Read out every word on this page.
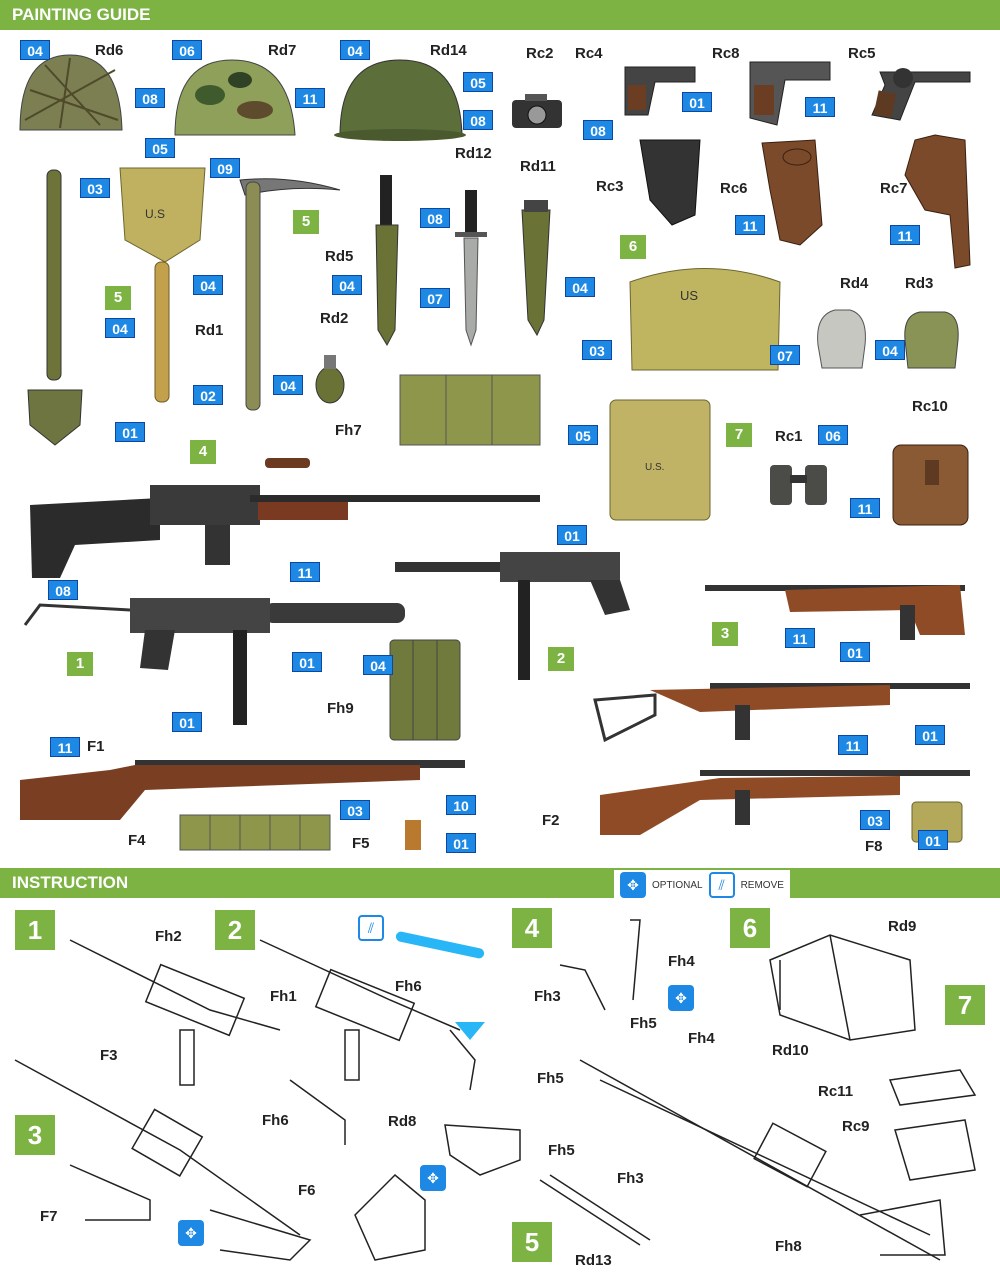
PAINTING GUIDE
INSTRUCTION
U.S
US
U.S.
Rd6	Rd7	Rd14	Rc2 Rc4	Rc8	Rc5
Rc3	Rc6	Rc7
Rd12
Rd11
Rd5
Rd1
Rd2
Rd4 Rd3
Fh7	Rc1
Rc10
Fh9
F1
F2
F4	F5	F8
04	06	04
08
05
11
09
05
08
01	11
08
11
11
03
04
04
02
04
08
04
07
04
07	04
03
01	05	06
11
08
11
01
11
01
04
01
11
01
11
01
03	10
01
03
01
5
5
6
7
4
1	2
3
✥	OPTIONAL	⫽	REMOVE
1	2
3
4
5
6
7
Fh2
Fh1
Fh6
Fh6
F3
F7
F6
Rd8
Rd13
Fh4
Fh3
Fh5
Fh4
Fh5
Fh5
Fh3
Fh8
Rd9
Rd10
Rc11
Rc9
✥
✥
✥
⫽
